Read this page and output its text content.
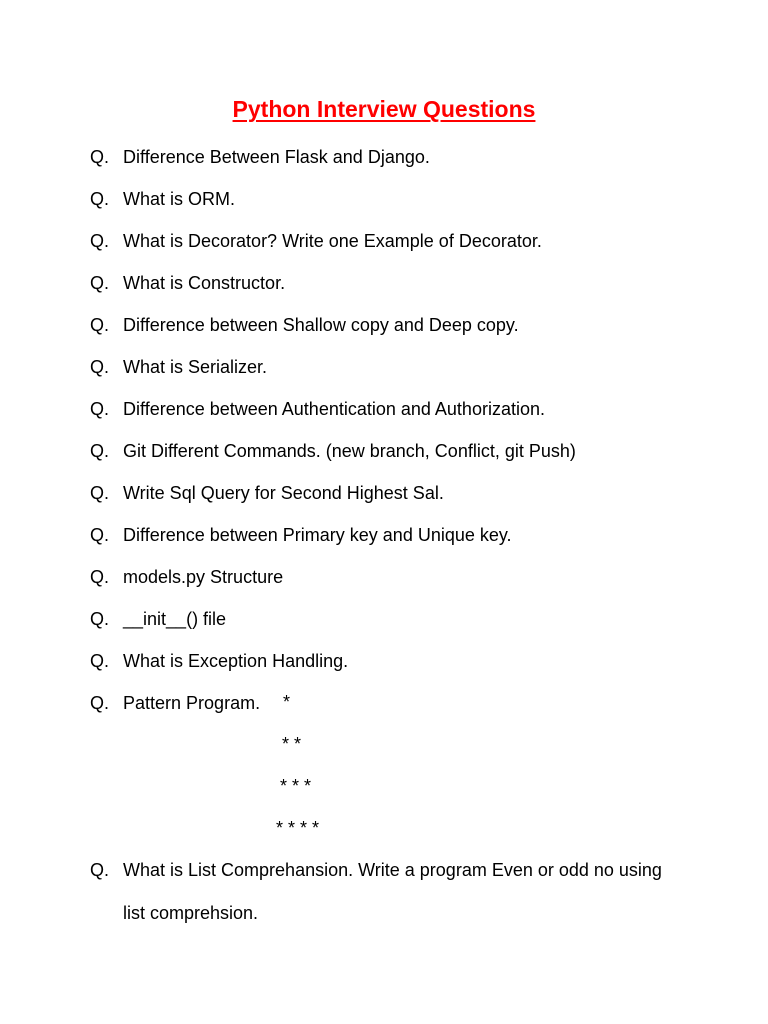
Python Interview Questions
Q. Difference Between Flask and Django.
Q. What is ORM.
Q. What is Decorator? Write one Example of Decorator.
Q. What is Constructor.
Q. Difference between Shallow copy and Deep copy.
Q. What is Serializer.
Q. Difference between Authentication and Authorization.
Q. Git Different Commands. (new branch, Conflict, git Push)
Q. Write Sql Query for Second Highest Sal.
Q. Difference between Primary key and Unique key.
Q. models.py Structure
Q. __init__() file
Q. What is Exception Handling.
Q. Pattern Program. *
* *
* * *
* * * *
Q. What is List Comprehansion. Write a program Even or odd no using
list comprehsion.
